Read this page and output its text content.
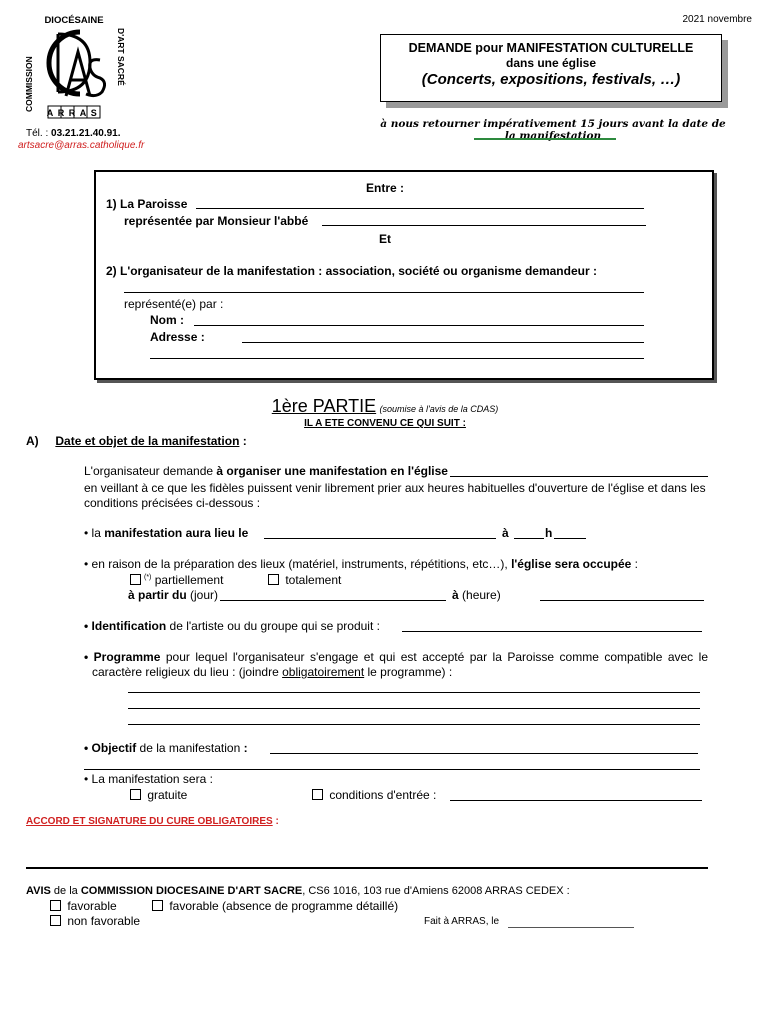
2021 novembre
DIOCÉSAINE
COMMISSION	D'ART SACRÉ
ARRAS
Tél. : 03.21.21.40.91.
artsacre@arras.catholique.fr
DEMANDE pour MANIFESTATION CULTURELLE
dans une église
(Concerts, expositions, festivals, …)
à nous retourner impérativement 15 jours avant la date de la manifestation
Entre :
1) La Paroisse
représentée par Monsieur l'abbé
Et
2) L'organisateur de la manifestation : association, société ou organisme demandeur :
représenté(e) par :
Nom :
Adresse :
1ère PARTIE (soumise à l'avis de la CDAS)
IL A ETE CONVENU CE QUI SUIT :
A) Date et objet de la manifestation :
L'organisateur demande à organiser une manifestation en l'église
en veillant à ce que les fidèles puissent venir librement prier aux heures habituelles d'ouverture de l'église et dans les
conditions précisées ci-dessous :
• la manifestation aura lieu le	à	h
• en raison de la préparation des lieux (matériel, instruments, répétitions, etc…), l'église sera occupée :
(*) partiellement	totalement
à partir du (jour)	à (heure)
• Identification de l'artiste ou du groupe qui se produit :
• Programme pour lequel l'organisateur s'engage et qui est accepté par la Paroisse comme compatible avec le
caractère religieux du lieu : (joindre obligatoirement le programme) :
• Objectif de la manifestation :
• La manifestation sera :
gratuite	conditions d'entrée :
ACCORD ET SIGNATURE DU CURE OBLIGATOIRES :
AVIS de la COMMISSION DIOCESAINE D'ART SACRE, CS6 1016, 103 rue d'Amiens 62008 ARRAS CEDEX :
favorable	favorable (absence de programme détaillé)
non favorable	Fait à ARRAS, le
